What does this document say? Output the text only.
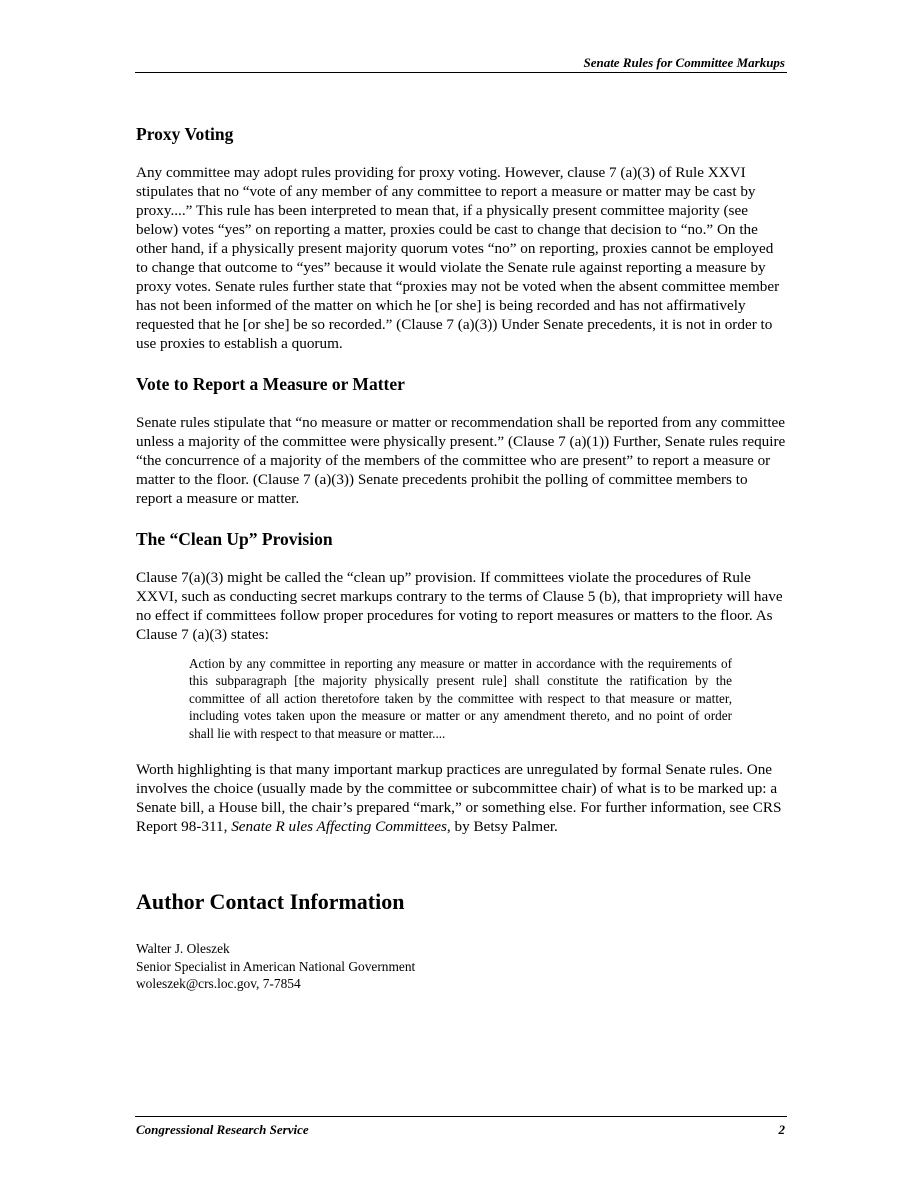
Senate Rules for Committee Markups
Proxy Voting

Any committee may adopt rules providing for proxy voting. However, clause 7 (a)(3) of Rule XXVI stipulates that no “vote of any member of any committee to report a measure or matter may be cast by proxy....” This rule has been interpreted to mean that, if a physically present committee majority (see below) votes “yes” on reporting a matter, proxies could be cast to change that decision to “no.” On the other hand, if a physically present majority quorum votes “no” on reporting, proxies cannot be employed to change that outcome to “yes” because it would violate the Senate rule against reporting a measure by proxy votes. Senate rules further state that “proxies may not be voted when the absent committee member has not been informed of the matter on which he [or she] is being recorded and has not affirmatively requested that he [or she] be so recorded.” (Clause 7 (a)(3)) Under Senate precedents, it is not in order to use proxies to establish a quorum.

Vote to Report a Measure or Matter

Senate rules stipulate that “no measure or matter or recommendation shall be reported from any committee unless a majority of the committee were physically present.” (Clause 7 (a)(1)) Further, Senate rules require “the concurrence of a majority of the members of the committee who are present” to report a measure or matter to the floor. (Clause 7 (a)(3)) Senate precedents prohibit the polling of committee members to report a measure or matter.

The “Clean Up” Provision

Clause 7(a)(3) might be called the “clean up” provision. If committees violate the procedures of Rule XXVI, such as conducting secret markups contrary to the terms of Clause 5 (b), that impropriety will have no effect if committees follow proper procedures for voting to report measures or matters to the floor. As Clause 7 (a)(3) states:

Action by any committee in reporting any measure or matter in accordance with the requirements of this subparagraph [the majority physically present rule] shall constitute the ratification by the committee of all action theretofore taken by the committee with respect to that measure or matter, including votes taken upon the measure or matter or any amendment thereto, and no point of order shall lie with respect to that measure or matter....

Worth highlighting is that many important markup practices are unregulated by formal Senate rules. One involves the choice (usually made by the committee or subcommittee chair) of what is to be marked up: a Senate bill, a House bill, the chair’s prepared “mark,” or something else. For further information, see CRS Report 98-311, Senate R ules Affecting Committees, by Betsy Palmer.

Author Contact Information
Walter J. Oleszek
Senior Specialist in American National Government
woleszek@crs.loc.gov, 7-7854
Congressional Research Service	2
